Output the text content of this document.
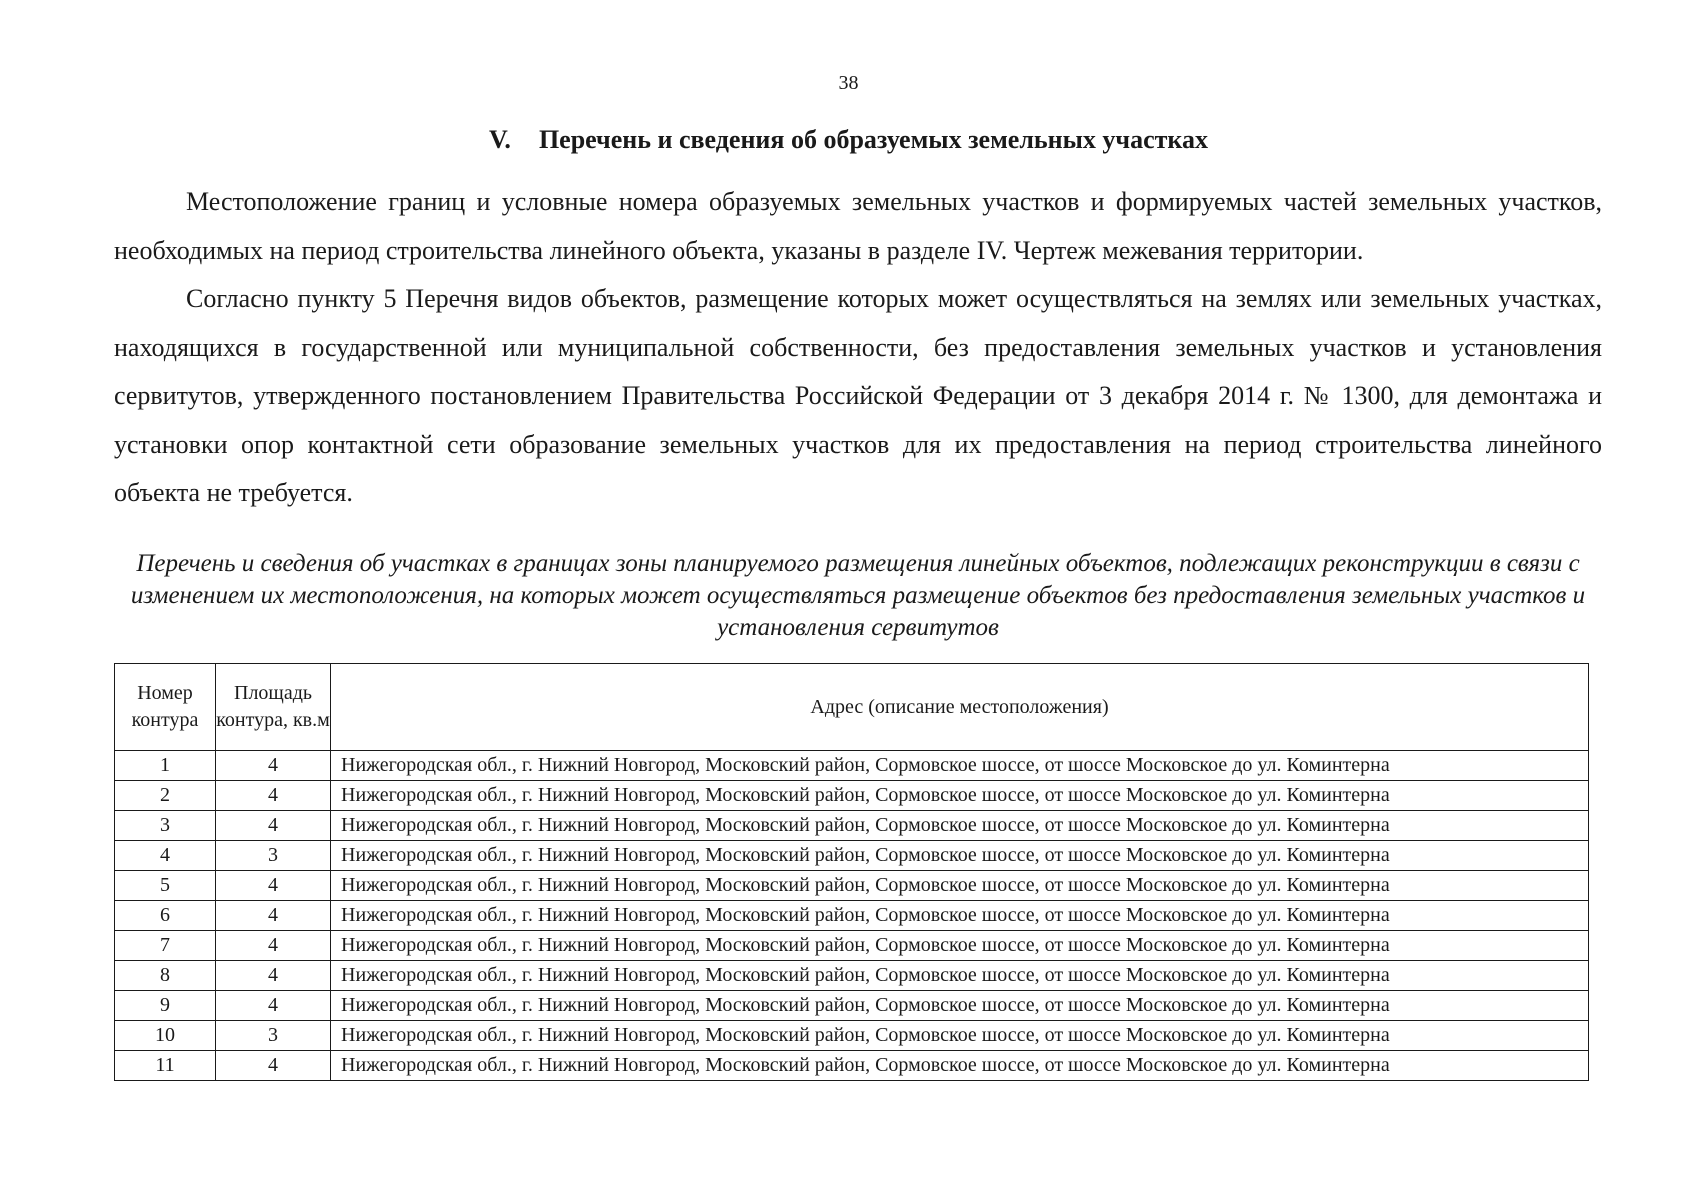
38
V. Перечень и сведения об образуемых земельных участках

Местоположение границ и условные номера образуемых земельных участков и формируемых частей земельных участков, необходимых на период строительства линейного объекта, указаны в разделе IV. Чертеж межевания территории.

Согласно пункту 5 Перечня видов объектов, размещение которых может осуществляться на землях или земельных участках, находящихся в государственной или муниципальной собственности, без предоставления земельных участков и установления сервитутов, утвержденного постановлением Правительства Российской Федерации от 3 декабря 2014 г. № 1300, для демонтажа и установки опор контактной сети образование земельных участков для их предоставления на период строительства линейного объекта не требуется.

Перечень и сведения об участках в границах зоны планируемого размещения линейных объектов, подлежащих реконструкции в связи с изменением их местоположения, на которых может осуществляться размещение объектов без предоставления земельных участков и установления сервитутов
Номер контура	Площадь контура, кв.м	Адрес (описание местоположения)
1	4	Нижегородская обл., г. Нижний Новгород, Московский район, Сормовское шоссе, от шоссе Московское до ул. Коминтерна
2	4	Нижегородская обл., г. Нижний Новгород, Московский район, Сормовское шоссе, от шоссе Московское до ул. Коминтерна
3	4	Нижегородская обл., г. Нижний Новгород, Московский район, Сормовское шоссе, от шоссе Московское до ул. Коминтерна
4	3	Нижегородская обл., г. Нижний Новгород, Московский район, Сормовское шоссе, от шоссе Московское до ул. Коминтерна
5	4	Нижегородская обл., г. Нижний Новгород, Московский район, Сормовское шоссе, от шоссе Московское до ул. Коминтерна
6	4	Нижегородская обл., г. Нижний Новгород, Московский район, Сормовское шоссе, от шоссе Московское до ул. Коминтерна
7	4	Нижегородская обл., г. Нижний Новгород, Московский район, Сормовское шоссе, от шоссе Московское до ул. Коминтерна
8	4	Нижегородская обл., г. Нижний Новгород, Московский район, Сормовское шоссе, от шоссе Московское до ул. Коминтерна
9	4	Нижегородская обл., г. Нижний Новгород, Московский район, Сормовское шоссе, от шоссе Московское до ул. Коминтерна
10	3	Нижегородская обл., г. Нижний Новгород, Московский район, Сормовское шоссе, от шоссе Московское до ул. Коминтерна
11	4	Нижегородская обл., г. Нижний Новгород, Московский район, Сормовское шоссе, от шоссе Московское до ул. Коминтерна
